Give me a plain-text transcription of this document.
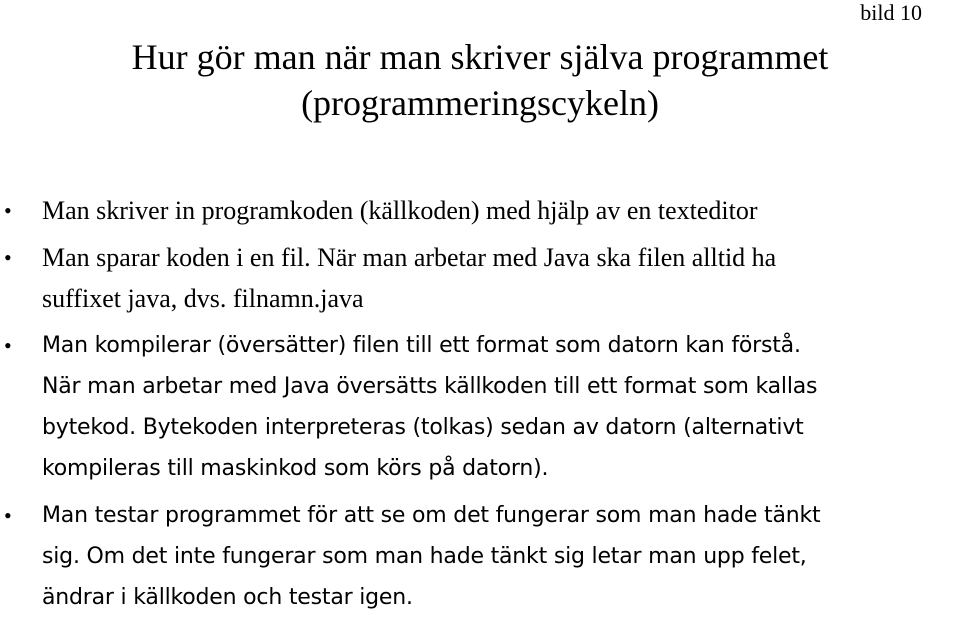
bild 10
Hur gör man när man skriver själva programmet
(programmeringscykeln)
• Man skriver in programkoden (källkoden) med hjälp av en texteditor
• Man sparar koden i en fil. När man arbetar med Java ska filen alltid ha
suffixet java, dvs. filnamn.java
• Man kompilerar (översätter) filen till ett format som datorn kan förstå.
När man arbetar med Java översätts källkoden till ett format som kallas
bytekod. Bytekoden interpreteras (tolkas) sedan av datorn (alternativt
kompileras till maskinkod som körs på datorn).
• Man testar programmet för att se om det fungerar som man hade tänkt
sig. Om det inte fungerar som man hade tänkt sig letar man upp felet,
ändrar i källkoden och testar igen.
